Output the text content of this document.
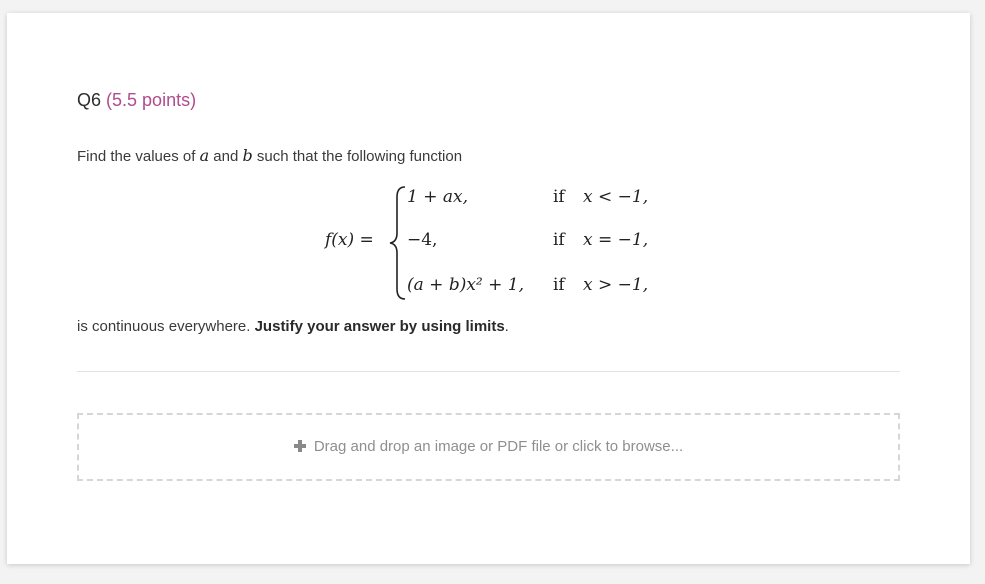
Q6 (5.5 points)
Find the values of a and b such that the following function
f(x) =
1 + ax,	if x < −1,
−4,	if x = −1,
(a + b)x² + 1, if x > −1,
is continuous everywhere. Justify your answer by using limits.
Drag and drop an image or PDF file or click to browse...
